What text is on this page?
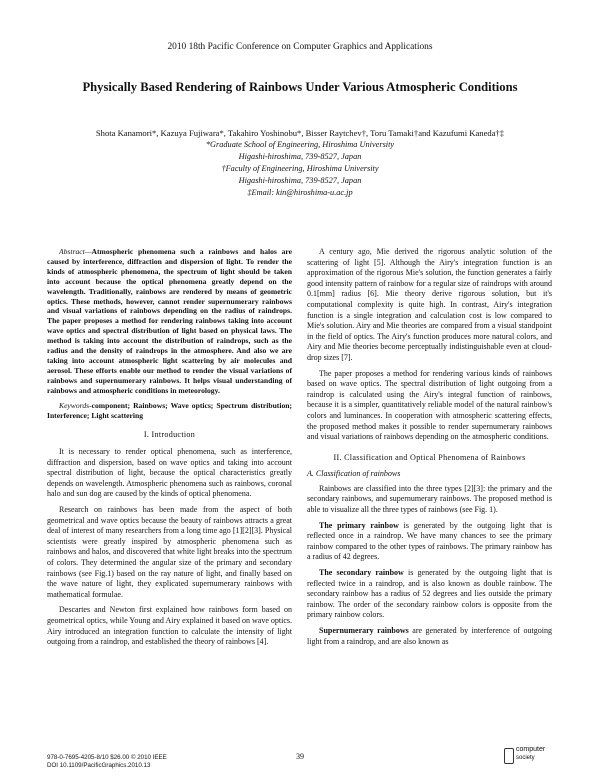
2010 18th Pacific Conference on Computer Graphics and Applications
Physically Based Rendering of Rainbows Under Various Atmospheric Conditions
Shota Kanamori*, Kazuya Fujiwara*, Takahiro Yoshinobu*, Bisser Raytchev†, Toru Tamaki†and Kazufumi Kaneda†‡
*Graduate School of Engineering, Hiroshima University
Higashi-hiroshima, 739-8527, Japan
†Faculty of Engineering, Hiroshima University
Higashi-hiroshima, 739-8527, Japan
‡Email: kin@hiroshima-u.ac.jp

Abstract—Atmospheric phenomena such a rainbows and halos are caused by interference, diffraction and dispersion of light. To render the kinds of atmospheric phenomena, the spectrum of light should be taken into account because the optical phenomena greatly depend on the wavelength. Traditionally, rainbows are rendered by means of geometric optics. These methods, however, cannot render supernumerary rainbows and visual variations of rainbows depending on the radius of raindrops. The paper proposes a method for rendering rainbows taking into account wave optics and spectral distribution of light based on physical laws. The method is taking into account the distribution of raindrops, such as the radius and the density of raindrops in the atmosphere. And also we are taking into account atmospheric light scattering by air molecules and aerosol. These efforts enable our method to render the visual variations of rainbows and supernumerary rainbows. It helps visual understanding of rainbows and atmospheric conditions in meteorology.

Keywords-component; Rainbows; Wave optics; Spectrum distribution; Interference; Light scattering

I. Introduction

It is necessary to render optical phenomena, such as interference, diffraction and dispersion, based on wave optics and taking into account spectral distribution of light, because the optical characteristics greatly depends on wavelength. Atmospheric phenomena such as rainbows, coronal halo and sun dog are caused by the kinds of optical phenomena.

Research on rainbows has been made from the aspect of both geometrical and wave optics because the beauty of rainbows attracts a great deal of interest of many researchers from a long time ago [1][2][3]. Physical scientists were greatly inspired by atmospheric phenomena such as rainbows and halos, and discovered that white light breaks into the spectrum of colors. They determined the angular size of the primary and secondary rainbows (see Fig.1) based on the ray nature of light, and finally based on the wave nature of light, they explicated supernumerary rainbows with mathematical formulae.

Descartes and Newton first explained how rainbows form based on geometrical optics, while Young and Airy explained it based on wave optics. Airy introduced an integration function to calculate the intensity of light outgoing from a raindrop, and established the theory of rainbows [4].

A century ago, Mie derived the rigorous analytic solution of the scattering of light [5]. Although the Airy's integration function is an approximation of the rigorous Mie's solution, the function generates a fairly good intensity pattern of rainbow for a regular size of raindrops with around 0.1[mm] radius [6]. Mie theory derive rigorous solution, but it's computational complexity is quite high. In contrast, Airy's integration function is a single integration and calculation cost is low compared to Mie's solution. Airy and Mie theories are compared from a visual standpoint in the field of optics. The Airy's function produces more natural colors, and Airy and Mie theories become perceptually indistinguishable even at cloud-drop sizes [7].

The paper proposes a method for rendering various kinds of rainbows based on wave optics. The spectral distribution of light outgoing from a raindrop is calculated using the Airy's integral function of rainbows, because it is a simpler, quantitatively reliable model of the natural rainbow's colors and luminances. In cooperation with atmospheric scattering effects, the proposed method makes it possible to render supernumerary rainbows and visual variations of rainbows depending on the atmospheric conditions.

II. Classification and Optical Phenomena of Rainbows
A. Classification of rainbows

Rainbows are classified into the three types [2][3]: the primary and the secondary rainbows, and supernumerary rainbows. The proposed method is able to visualize all the three types of rainbows (see Fig. 1).

The primary rainbow is generated by the outgoing light that is reflected once in a raindrop. We have many chances to see the primary rainbow compared to the other types of rainbows. The primary rainbow has a radius of 42 degrees.

The secondary rainbow is generated by the outgoing light that is reflected twice in a raindrop, and is also known as double rainbow. The secondary rainbow has a radius of 52 degrees and lies outside the primary rainbow. The order of the secondary rainbow colors is opposite from the primary rainbow colors.

Supernumerary rainbows are generated by interference of outgoing light from a raindrop, and are also known as

978-0-7695-4205-8/10 $26.00 © 2010 IEEE
DOI 10.1109/PacificGraphics.2010.13
39
computer
society
